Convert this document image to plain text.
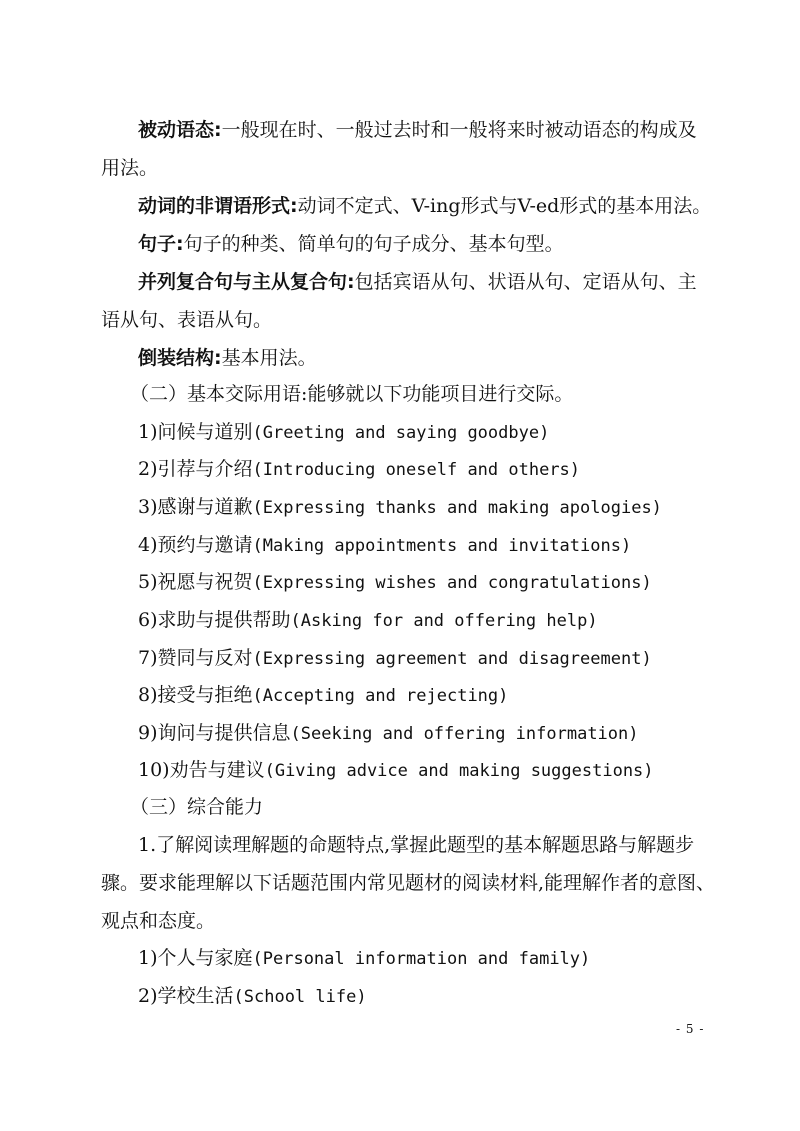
被动语态:一般现在时、一般过去时和一般将来时被动语态的构成及
用法。
动词的非谓语形式:动词不定式、V-ing形式与V-ed形式的基本用法。
句子:句子的种类、简单句的句子成分、基本句型。
并列复合句与主从复合句:包括宾语从句、状语从句、定语从句、主
语从句、表语从句。
倒装结构:基本用法。
（二）基本交际用语:能够就以下功能项目进行交际。
1)问候与道别(Greeting and saying goodbye)
2)引荐与介绍(Introducing oneself and others)
3)感谢与道歉(Expressing thanks and making apologies)
4)预约与邀请(Making appointments and invitations)
5)祝愿与祝贺(Expressing wishes and congratulations)
6)求助与提供帮助(Asking for and offering help)
7)赞同与反对(Expressing agreement and disagreement)
8)接受与拒绝(Accepting and rejecting)
9)询问与提供信息(Seeking and offering information)
10)劝告与建议(Giving advice and making suggestions)
（三）综合能力
1.了解阅读理解题的命题特点,掌握此题型的基本解题思路与解题步
骤。要求能理解以下话题范围内常见题材的阅读材料,能理解作者的意图、
观点和态度。
1)个人与家庭(Personal information and family)
2)学校生活(School life)
- 5 -
